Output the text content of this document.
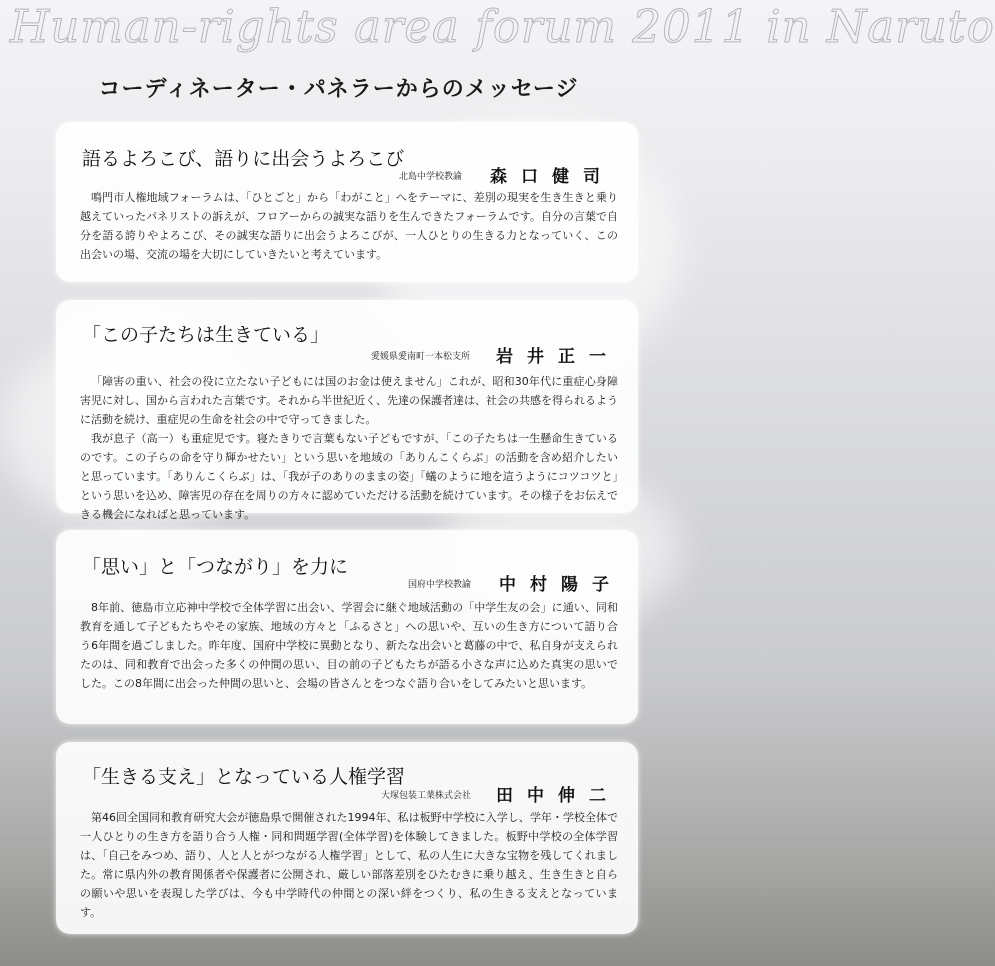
Human-rights area forum 2011 in Naruto
コーディネーター・パネラーからのメッセージ
語るよろこび、語りに出会うよろこび
北島中学校教諭 森口健司

鳴門市人権地域フォーラムは、「ひとごと」から「わがこと」へをテーマに、差別の現実を生き生きと乗り越えていったパネリストの訴えが、フロアーからの誠実な語りを生んできたフォーラムです。自分の言葉で自分を語る誇りやよろこび、その誠実な語りに出会うよろこびが、一人ひとりの生きる力となっていく、この出会いの場、交流の場を大切にしていきたいと考えています。

「この子たちは生きている」
愛媛県愛南町一本松支所 岩井正一

「障害の重い、社会の役に立たない子どもには国のお金は使えません」これが、昭和30年代に重症心身障害児に対し、国から言われた言葉です。それから半世紀近く、先達の保護者達は、社会の共感を得られるように活動を続け、重症児の生命を社会の中で守ってきました。

我が息子（高一）も重症児です。寝たきりで言葉もない子どもですが、「この子たちは一生懸命生きているのです。この子らの命を守り輝かせたい」という思いを地域の「ありんこくらぶ」の活動を含め紹介したいと思っています。「ありんこくらぶ」は、「我が子のありのままの姿」「蟻のように地を這うようにコツコツと」という思いを込め、障害児の存在を周りの方々に認めていただける活動を続けています。その様子をお伝えできる機会になればと思っています。

「思い」と「つながり」を力に
国府中学校教諭 中村陽子

8年前、徳島市立応神中学校で全体学習に出会い、学習会に継ぐ地域活動の「中学生友の会」に通い、同和教育を通して子どもたちやその家族、地域の方々と「ふるさと」への思いや、互いの生き方について語り合う6年間を過ごしました。昨年度、国府中学校に異動となり、新たな出会いと葛藤の中で、私自身が支えられたのは、同和教育で出会った多くの仲間の思い、目の前の子どもたちが語る小さな声に込めた真実の思いでした。この8年間に出会った仲間の思いと、会場の皆さんとをつなぐ語り合いをしてみたいと思います。

「生きる支え」となっている人権学習
大塚包装工業株式会社 田中伸二

第46回全国同和教育研究大会が徳島県で開催された1994年、私は板野中学校に入学し、学年・学校全体で一人ひとりの生き方を語り合う人権・同和問題学習(全体学習)を体験してきました。板野中学校の全体学習は、「自己をみつめ、語り、人と人とがつながる人権学習」として、私の人生に大きな宝物を残してくれました。常に県内外の教育関係者や保護者に公開され、厳しい部落差別をひたむきに乗り越え、生き生きと自らの願いや思いを表現した学びは、今も中学時代の仲間との深い絆をつくり、私の生きる支えとなっています。
